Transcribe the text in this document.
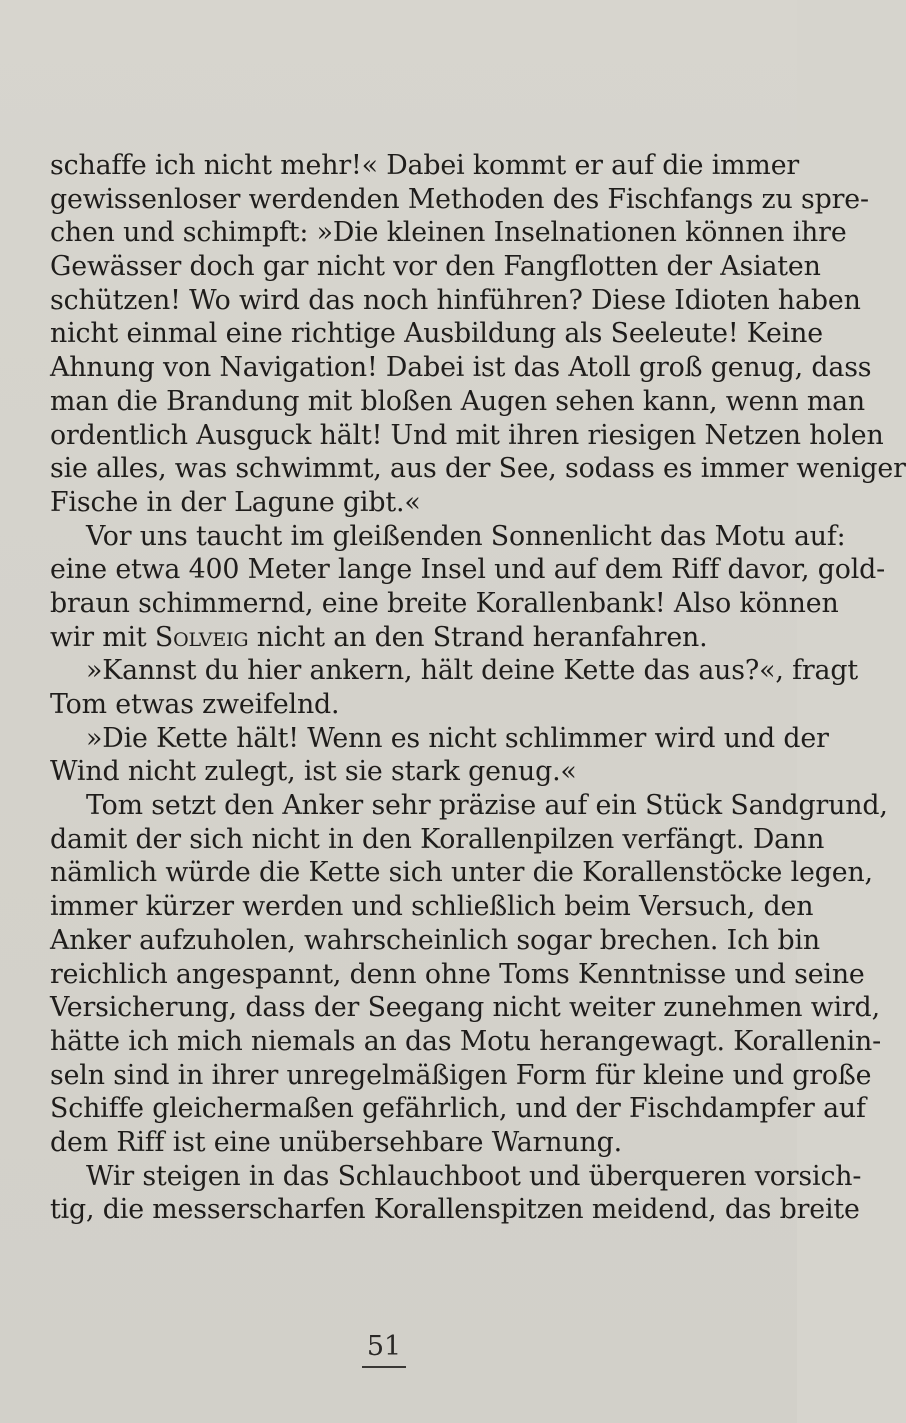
schaffe ich nicht mehr!« Dabei kommt er auf die immer
gewissenloser werdenden Methoden des Fischfangs zu spre-
chen und schimpft: »Die kleinen Inselnationen können ihre
Gewässer doch gar nicht vor den Fangflotten der Asiaten
schützen! Wo wird das noch hinführen? Diese Idioten haben
nicht einmal eine richtige Ausbildung als Seeleute! Keine
Ahnung von Navigation! Dabei ist das Atoll groß genug, dass
man die Brandung mit bloßen Augen sehen kann, wenn man
ordentlich Ausguck hält! Und mit ihren riesigen Netzen holen
sie alles, was schwimmt, aus der See, sodass es immer weniger
Fische in der Lagune gibt.«
Vor uns taucht im gleißenden Sonnenlicht das Motu auf:
eine etwa 400 Meter lange Insel und auf dem Riff davor, gold-
braun schimmernd, eine breite Korallenbank! Also können
wir mit Solveig nicht an den Strand heranfahren.
»Kannst du hier ankern, hält deine Kette das aus?«, fragt
Tom etwas zweifelnd.
»Die Kette hält! Wenn es nicht schlimmer wird und der
Wind nicht zulegt, ist sie stark genug.«
Tom setzt den Anker sehr präzise auf ein Stück Sandgrund,
damit der sich nicht in den Korallenpilzen verfängt. Dann
nämlich würde die Kette sich unter die Korallenstöcke legen,
immer kürzer werden und schließlich beim Versuch, den
Anker aufzuholen, wahrscheinlich sogar brechen. Ich bin
reichlich angespannt, denn ohne Toms Kenntnisse und seine
Versicherung, dass der Seegang nicht weiter zunehmen wird,
hätte ich mich niemals an das Motu herangewagt. Korallenin-
seln sind in ihrer unregelmäßigen Form für kleine und große
Schiffe gleichermaßen gefährlich, und der Fischdampfer auf
dem Riff ist eine unübersehbare Warnung.
Wir steigen in das Schlauchboot und überqueren vorsich-
tig, die messerscharfen Korallenspitzen meidend, das breite
51
